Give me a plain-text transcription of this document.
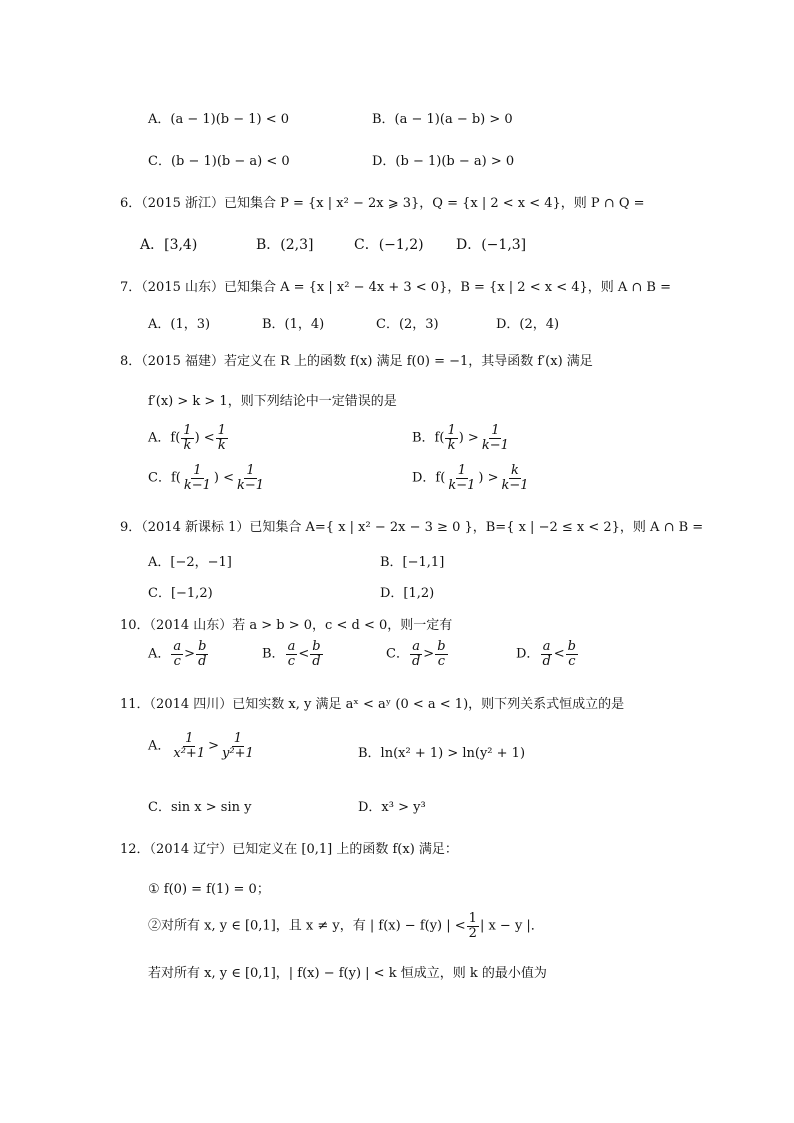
A．(a − 1)(b − 1) < 0	B．(a − 1)(a − b) > 0
C．(b − 1)(b − a) < 0	D．(b − 1)(b − a) > 0
6．（2015 浙江）已知集合 P = {x | x² − 2x ⩾ 3}，Q = {x | 2 < x < 4}，则 P ∩ Q =
A．[3,4)	B．(2,3]	C．(−1,2) D．(−1,3]
7．（2015 山东）已知集合 A = {x | x² − 4x + 3 < 0}，B = {x | 2 < x < 4}，则 A ∩ B =
A．(1，3)	B．(1，4)	C．(2，3)	D．(2，4)
8．（2015 福建）若定义在 R 上的函数 f(x) 满足 f(0) = −1，其导函数 f′(x) 满足
f′(x) > k > 1，则下列结论中一定错误的是
A．$f( \frac{1}{k}$ ) < $\frac{1}{k}$	B．$f( \frac{1}{k}$ ) > $\frac{1}{k-1}$
C．$f( \frac{1}{k-1}$ ) < $\frac{1}{k-1}$	D．$f( \frac{1}{k-1}$ ) > $\frac{k}{k-1}$
9．（2014 新课标 1）已知集合 A={ x | x² − 2x − 3 ≥ 0 }，B={ x | −2 ≤ x < 2}，则 A ∩ B =
A．[−2，−1]	B．[−1,1]
C．[−1,2)	D．[1,2)
10．（2014 山东）若 a > b > 0，c < d < 0，则一定有
A． $\frac{a}{c} > \frac{b}{d}$	B． $\frac{a}{c} < \frac{b}{d}$	C． $\frac{a}{d} > \frac{b}{c}$	D． $\frac{a}{d} < \frac{b}{c}$
11．（2014 四川）已知实数 x, y 满足 aˣ < aʸ (0 < a < 1)，则下列关系式恒成立的是
A． $\frac{1}{\text{x²+1}} > \frac{1}{\text{y²+1}}$	B．ln(x² + 1) > ln(y² + 1)
C．sin x > sin y	D．x³ > y³
12．（2014 辽宁）已知定义在 [0,1] 上的函数 f(x) 满足：
① f(0) = f(1) = 0；
②对所有 x, y ∈ [0,1]，且 x ≠ y，有 | f(x) − f(y) | < $\frac{1}{2}$ | x − y |．
若对所有 x, y ∈ [0,1]，| f(x) − f(y) | < k 恒成立，则 k 的最小值为
